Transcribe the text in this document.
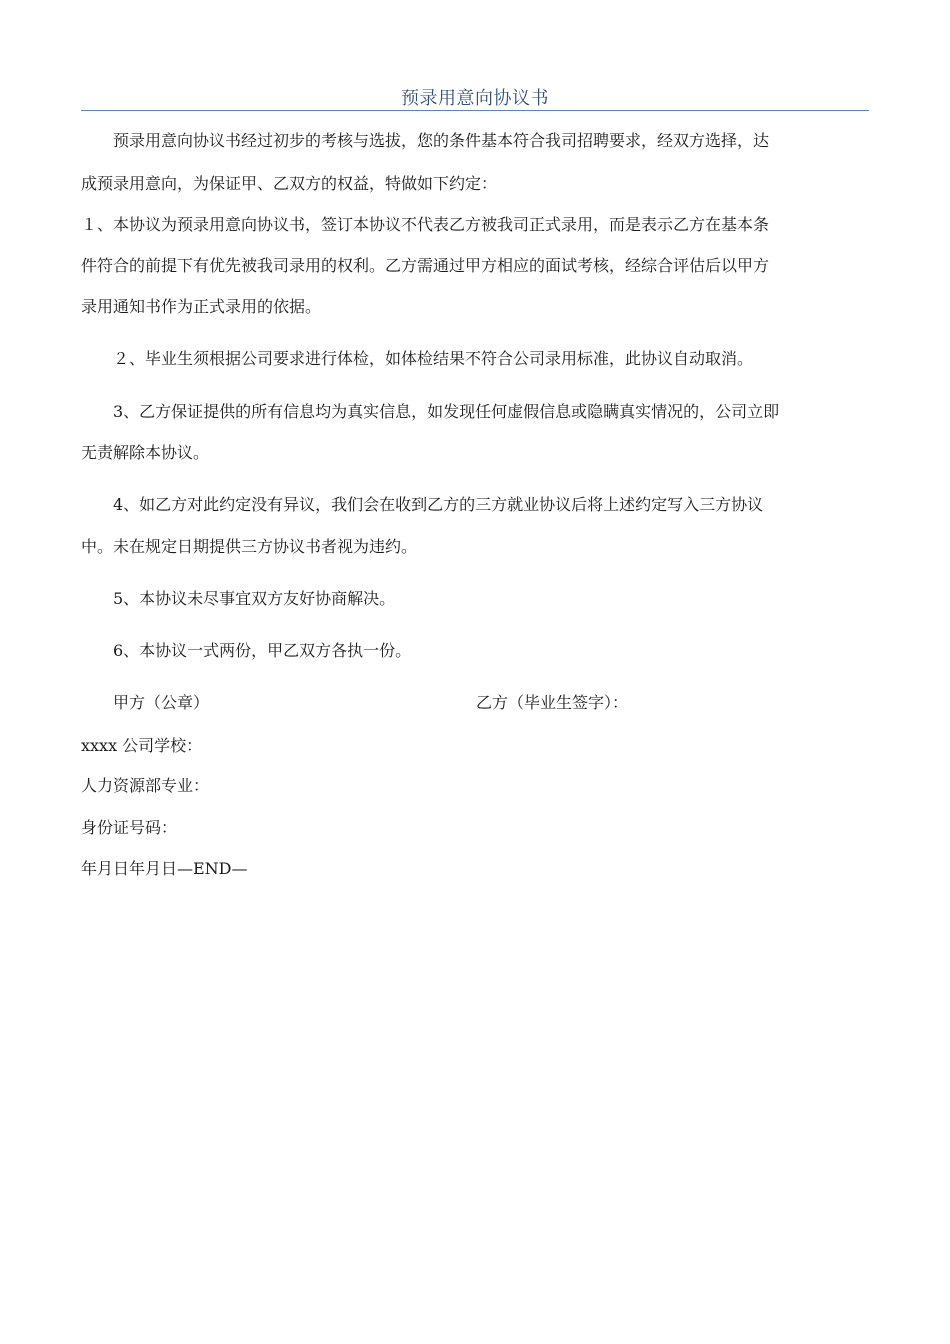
预录用意向协议书
预录用意向协议书经过初步的考核与选拔，您的条件基本符合我司招聘要求，经双方选择，达
成预录用意向，为保证甲、乙双方的权益，特做如下约定：
１、本协议为预录用意向协议书，签订本协议不代表乙方被我司正式录用，而是表示乙方在基本条
件符合的前提下有优先被我司录用的权利。乙方需通过甲方相应的面试考核，经综合评估后以甲方
录用通知书作为正式录用的依据。
２、毕业生须根据公司要求进行体检，如体检结果不符合公司录用标准，此协议自动取消。
3、乙方保证提供的所有信息均为真实信息，如发现任何虚假信息或隐瞒真实情况的，公司立即
无责解除本协议。
4、如乙方对此约定没有异议，我们会在收到乙方的三方就业协议后将上述约定写入三方协议
中。未在规定日期提供三方协议书者视为违约。
5、本协议未尽事宜双方友好协商解决。
6、本协议一式两份，甲乙双方各执一份。
甲方（公章）	乙方（毕业生签字）：
xxxx 公司学校：
人力资源部专业：
身份证号码：
年月日年月日—END—
